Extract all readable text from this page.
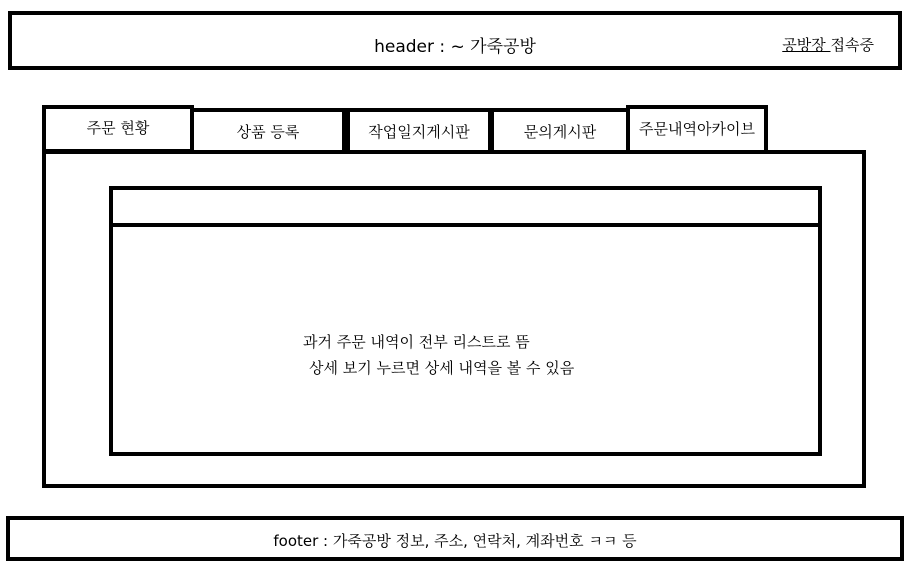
header : ~ 가죽공방	공방장 접속중
주문 현황	상품 등록	작업일지게시판	문의게시판	주문내역아카이브
과거 주문 내역이 전부 리스트로 뜸
상세 보기 누르면 상세 내역을 볼 수 있음
footer : 가죽공방 정보, 주소, 연락처, 계좌번호 ㅋㅋ 등
